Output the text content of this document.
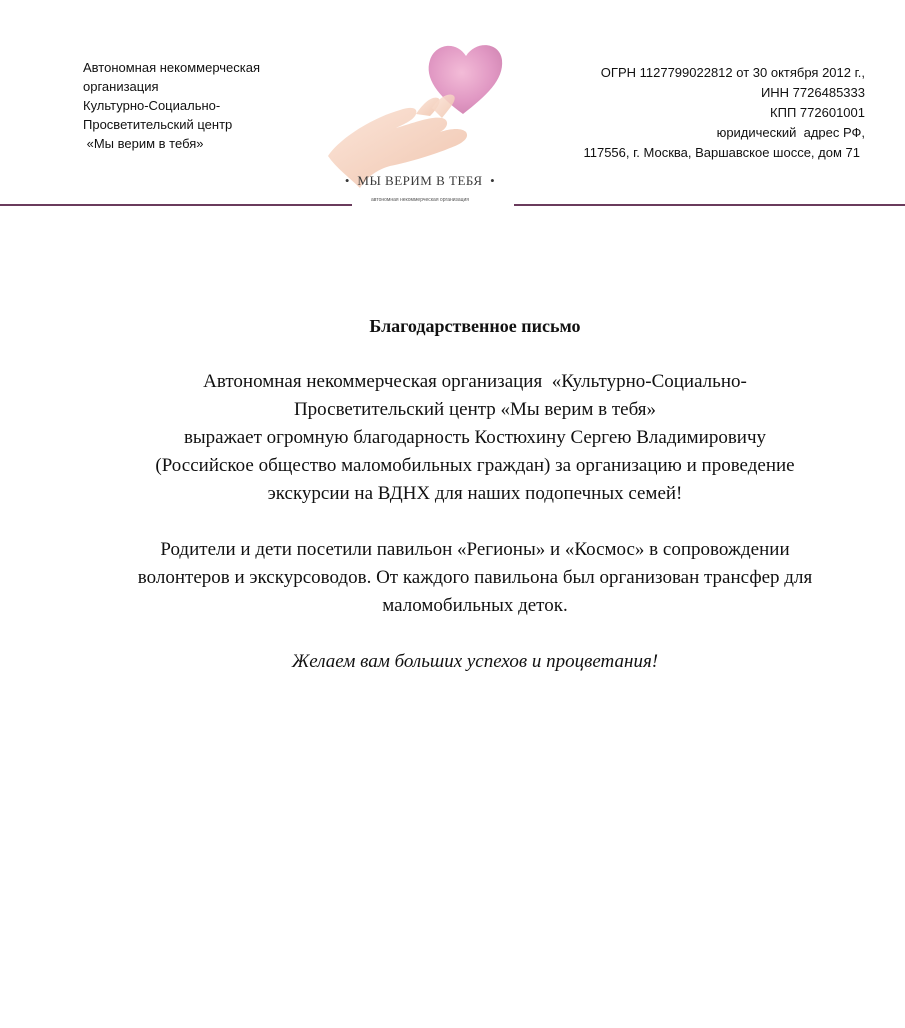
Автономная некоммерческая
организация
Культурно-Социально-
Просветительский центр
«Мы верим в тебя»
•  МЫ ВЕРИМ В ТЕБЯ  •
автономная некоммерческая организация
ОГРН 1127799022812 от 30 октября 2012 г.,
ИНН 7726485333
КПП 772601001
юридический  адрес РФ,
117556, г. Москва, Варшавское шоссе, дом 71
Благодарственное письмо
Автономная некоммерческая организация  «Культурно-Социально-
Просветительский центр «Мы верим в тебя»
выражает огромную благодарность Костюхину Сергею Владимировичу
(Российское общество маломобильных граждан) за организацию и проведение
экскурсии на ВДНХ для наших подопечных семей!
Родители и дети посетили павильон «Регионы» и «Космос» в сопровождении
волонтеров и экскурсоводов. От каждого павильона был организован трансфер для
маломобильных деток.
Желаем вам больших успехов и процветания!
